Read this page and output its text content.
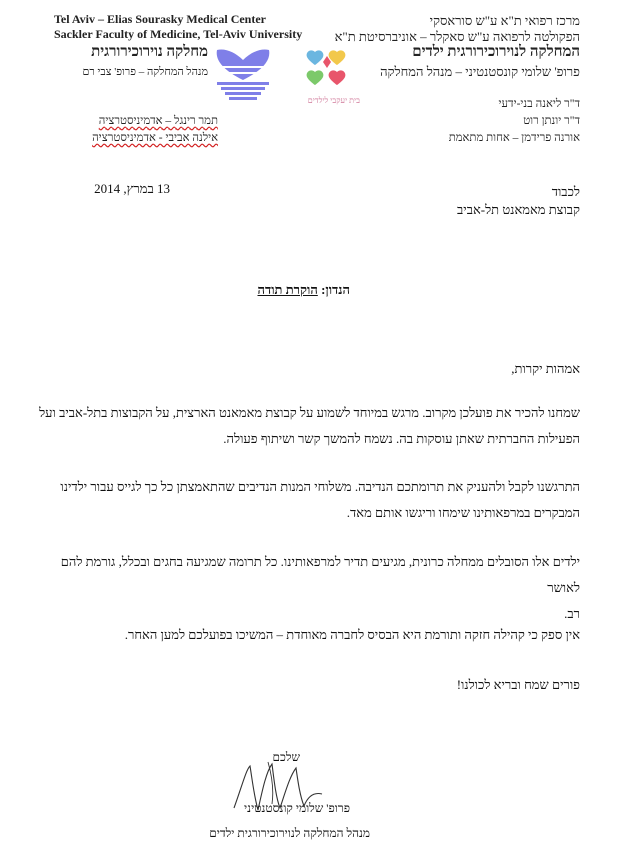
Tel Aviv – Elias Sourasky Medical Center
Sackler Faculty of Medicine, Tel-Aviv University
מחלקה נוירוכירורגית
מנהל המחלקה – פרופ' צבי רם
בית יעקבי לילדים
מרכז רפואי ת"א ע"ש סוראסקי
הפקולטה לרפואה ע"ש סאקלר – אוניברסיטת ת"א
המחלקה לנוירוכירורגית ילדים
פרופ' שלומי קונסטנטיני – מנהל המחלקה
ד"ר ליאנה בני-ידעי
ד"ר יונתן רוט
אורנה פרידמן – אחות מתאמת
תמר רינגל – אדמיניסטרציה
אילנה אביבי - אדמיניסטרציה
13 במרץ, 2014	לכבוד
קבוצת מאמאנט תל-אביב
הנדון: הוקרת תודה
אמהות יקרות,
שמחנו להכיר את פועלכן מקרוב. מרגש במיוחד לשמוע על קבוצת מאמאנט הארצית, על הקבוצות בתל-אביב ועל
הפעילות החברתית שאתן עוסקות בה. נשמח להמשך קשר ושיתוף פעולה.
התרגשנו לקבל ולהעניק את תרומתכם הנדיבה. משלוחי המנות הנדיבים שהתאמצתן כל כך לגייס עבור ילדינו
המבקרים במרפאותינו שימחו וריגשו אותם מאד.
ילדים אלו הסובלים ממחלה כרונית, מגיעים תדיר למרפאותינו. כל תרומה שמגיעה בחגים ובכלל, גורמת להם לאושר
רב.
אין ספק כי קהילה חזקה ותורמת היא הבסיס לחברה מאוחדת – המשיכו בפועלכם למען האחר.
פורים שמח ובריא לכולנו!
שלכם
פרופ' שלומי קונסטנטיני
מנהל המחלקה לנוירוכירורגית ילדים
